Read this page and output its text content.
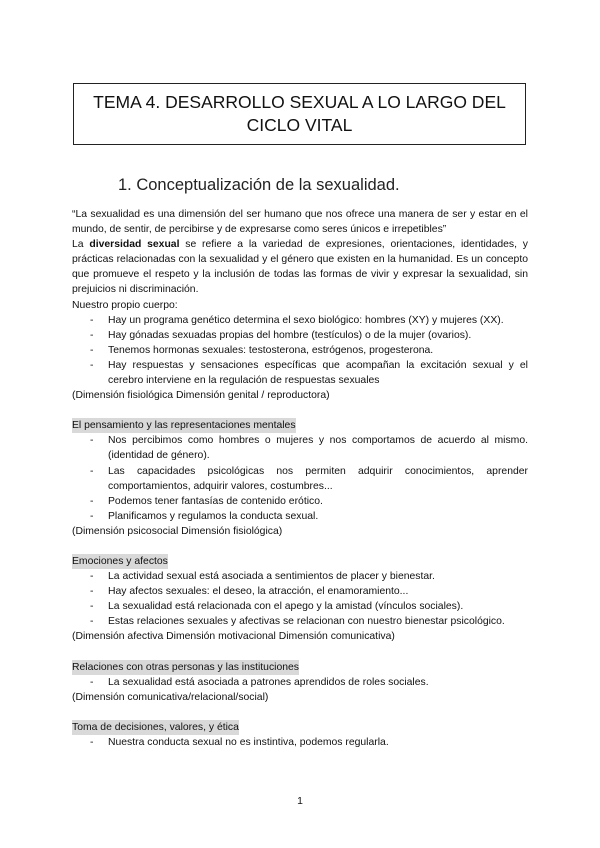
TEMA 4. DESARROLLO SEXUAL A LO LARGO DEL
CICLO VITAL
1. Conceptualización de la sexualidad.
“La sexualidad es una dimensión del ser humano que nos ofrece una manera de ser y estar en el mundo, de sentir, de percibirse y de expresarse como seres únicos e irrepetibles”
La diversidad sexual se refiere a la variedad de expresiones, orientaciones, identidades, y prácticas relacionadas con la sexualidad y el género que existen en la humanidad. Es un concepto que promueve el respeto y la inclusión de todas las formas de vivir y expresar la sexualidad, sin prejuicios ni discriminación.
Nuestro propio cuerpo:
- Hay un programa genético determina el sexo biológico: hombres (XY) y mujeres (XX).
- Hay gónadas sexuadas propias del hombre (testículos) o de la mujer (ovarios).
- Tenemos hormonas sexuales: testosterona, estrógenos, progesterona.
- Hay respuestas y sensaciones específicas que acompañan la excitación sexual y el cerebro interviene en la regulación de respuestas sexuales
(Dimensión fisiológica Dimensión genital / reproductora)
El pensamiento y las representaciones mentales
- Nos percibimos como hombres o mujeres y nos comportamos de acuerdo al mismo. (identidad de género).
- Las capacidades psicológicas nos permiten adquirir conocimientos, aprender comportamientos, adquirir valores, costumbres...
- Podemos tener fantasías de contenido erótico.
- Planificamos y regulamos la conducta sexual.
(Dimensión psicosocial Dimensión fisiológica)
Emociones y afectos
- La actividad sexual está asociada a sentimientos de placer y bienestar.
- Hay afectos sexuales: el deseo, la atracción, el enamoramiento...
- La sexualidad está relacionada con el apego y la amistad (vínculos sociales).
- Estas relaciones sexuales y afectivas se relacionan con nuestro bienestar psicológico.
(Dimensión afectiva Dimensión motivacional Dimensión comunicativa)
Relaciones con otras personas y las instituciones
- La sexualidad está asociada a patrones aprendidos de roles sociales.
(Dimensión comunicativa/relacional/social)
Toma de decisiones, valores, y ética
- Nuestra conducta sexual no es instintiva, podemos regularla.
1
